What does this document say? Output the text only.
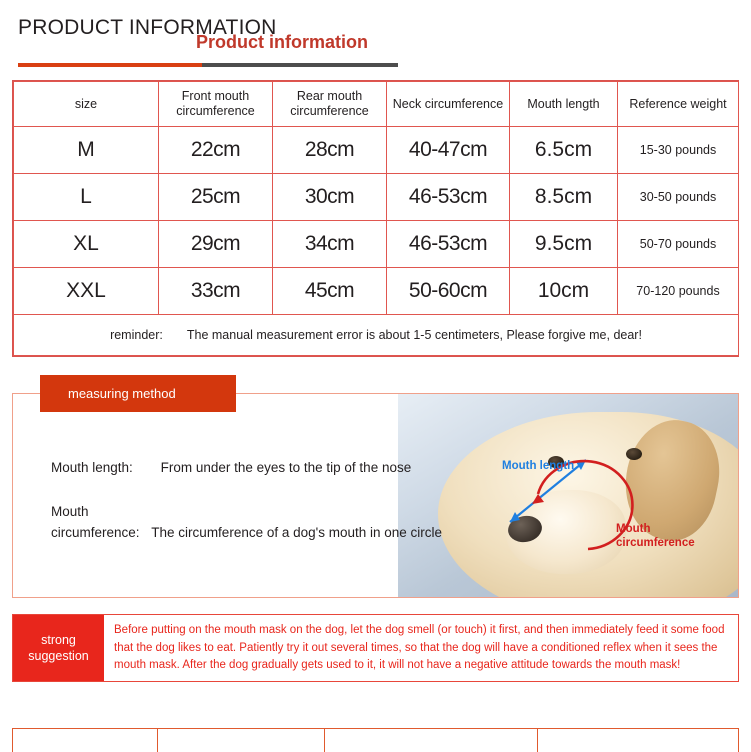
PRODUCT INFORMATION
Product information
size	Front mouth circumference	Rear mouth circumference	Neck circumference	Mouth length	Reference weight
M	22cm	28cm	40-47cm	6.5cm	15-30 pounds
L	25cm	30cm	46-53cm	8.5cm	30-50 pounds
XL	29cm	34cm	46-53cm	9.5cm	50-70 pounds
XXL	33cm	45cm	50-60cm	10cm	70-120 pounds
reminder: The manual measurement error is about 1-5 centimeters, Please forgive me, dear!					
measuring method
Mouth length
Mouth
circumference
Mouth length: From under the eyes to the tip of the nose
Mouth
circumference: The circumference of a dog's mouth in one circle
strong
suggestion
Before putting on the mouth mask on the dog, let the dog smell (or touch) it first, and then immediately feed it some food that the dog likes to eat. Patiently try it out several times, so that the dog will have a conditioned reflex when it sees the mouth mask. After the dog gradually gets used to it, it will not have a negative attitude towards the mouth mask!
